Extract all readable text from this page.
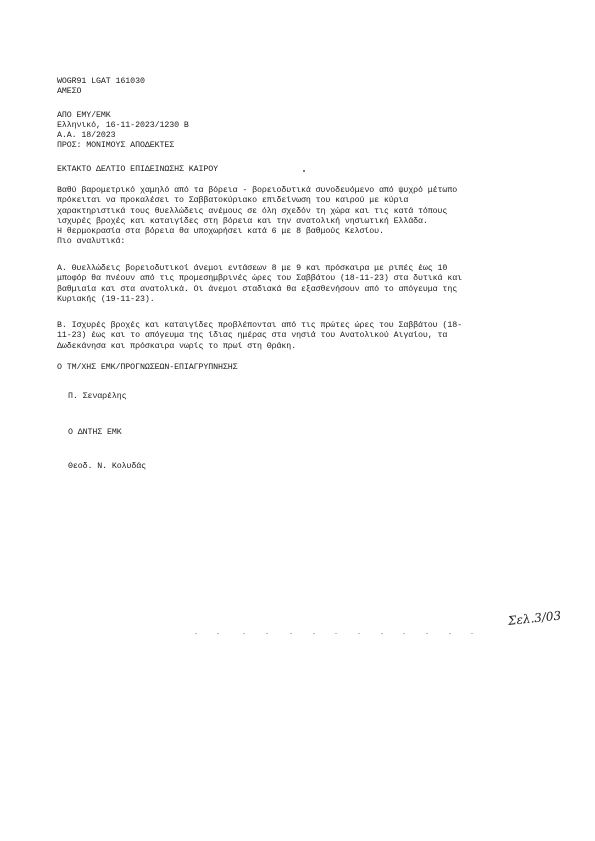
WOGR91 LGAT 161030
ΑΜΕΣΟ
ΑΠΟ ΕΜΥ/ΕΜΚ
Ελληνικό, 16-11-2023/1230 Β
Α.Α. 18/2023
ΠΡΟΣ: ΜΟΝΙΜΟΥΣ ΑΠΟΔΕΚΤΕΣ
ΕΚΤΑΚΤΟ ΔΕΛΤΙΟ ΕΠΙΔΕΙΝΩΣΗΣ ΚΑΙΡΟΥ
Βαθύ βαρομετρικό χαμηλό από τα βόρεια - βορειοδυτικά συνοδευόμενο από ψυχρό μέτωπο
πρόκειται να προκαλέσει το Σαββατοκύριακο επιδείνωση του καιρού με κύρια
χαρακτηριστικά τους θυελλώδεις ανέμους σε όλη σχεδόν τη χώρα και τις κατά τόπους
ισχυρές βροχές και καταιγίδες στη βόρεια και την ανατολική νησιωτική Ελλάδα.
Η θερμοκρασία στα βόρεια θα υποχωρήσει κατά 6 με 8 βαθμούς Κελσίου.
Πιο αναλυτικά:
Α. Θυελλώδεις βορειοδυτικοί άνεμοι εντάσεων 8 με 9 και πρόσκαιρα με ριπές έως 10
μποφόρ θα πνέουν από τις προμεσημβρινές ώρες του Σαββάτου (18-11-23) στα δυτικά και
βαθμιαία και στα ανατολικά. Οι άνεμοι σταδιακά θα εξασθενήσουν από το απόγευμα της
Κυριακής (19-11-23).
Β. Ισχυρές βροχές και καταιγίδες προβλέπονται από τις πρώτες ώρες του Σαββάτου (18-
11-23) έως και το απόγευμα της ίδιας ημέρας στα νησιά του Ανατολικού Αιγαίου, τα
Δωδεκάνησα και πρόσκαιρα νωρίς το πρωί στη Θράκη.
Ο ΤΜ/ΧΗΣ ΕΜΚ/ΠΡΟΓΝΩΣΕΩΝ-ΕΠΙΑΓΡΥΠΝΗΣΗΣ
Π. Σεναρέλης
Ο ΔΝΤΗΣ ΕΜΚ
Θεοδ. Ν. Κολυδάς
Σελ.3/03
